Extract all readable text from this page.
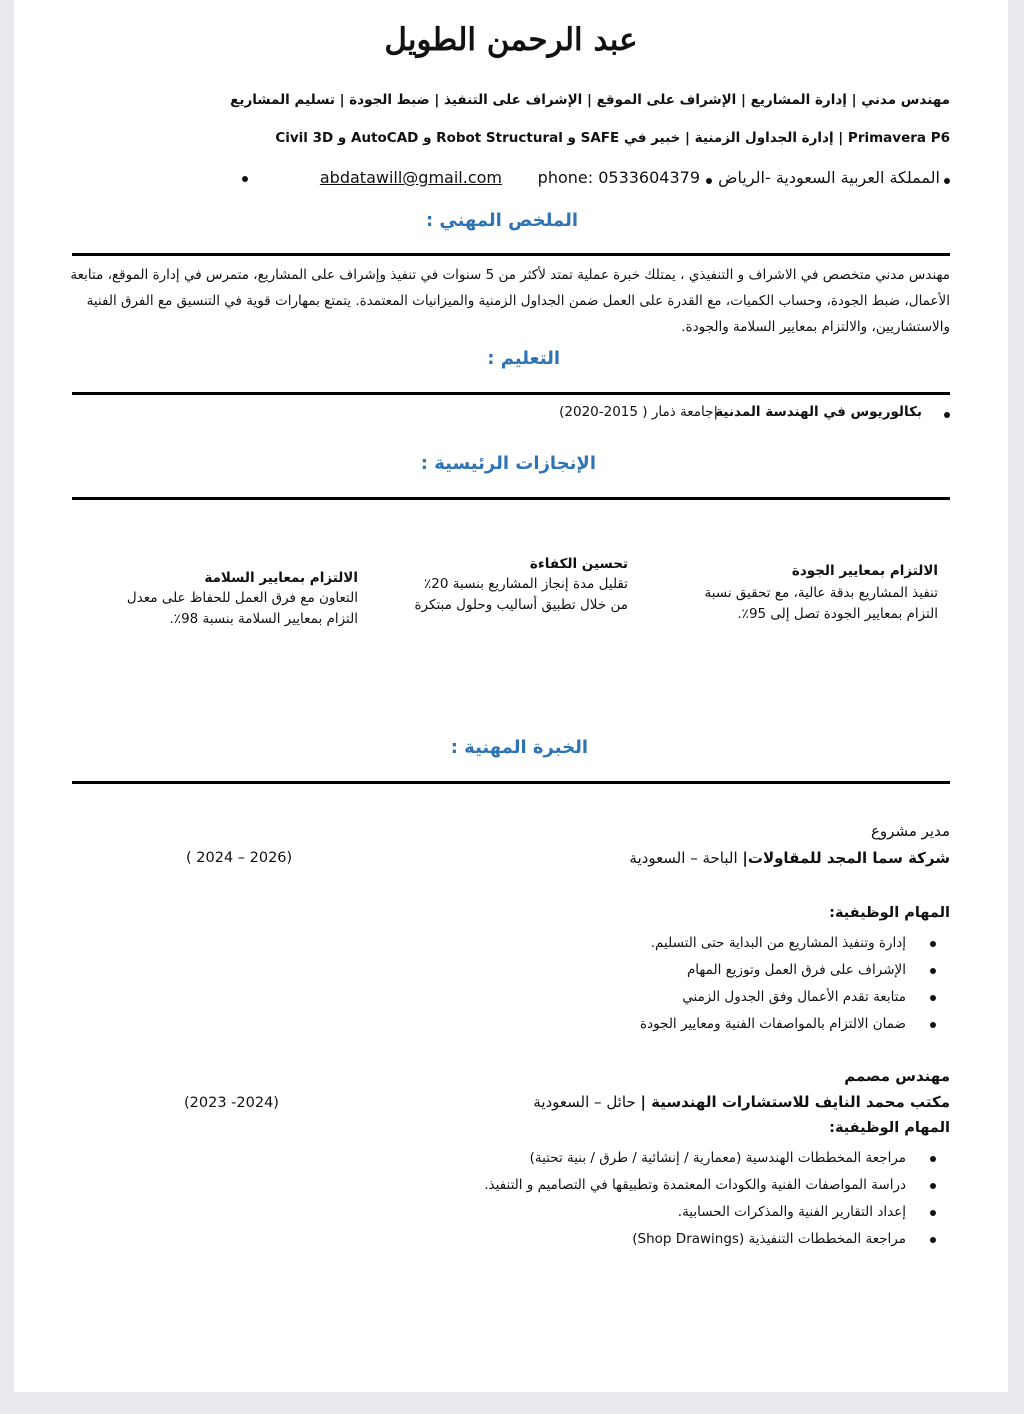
عبد الرحمن الطويل
مهندس مدني | إدارة المشاريع | الإشراف على الموقع | الإشراف على التنفيذ | ضبط الجودة | تسليم المشاريع
Primavera P6 | إدارة الجداول الزمنية | خبير في SAFE و Robot Structural و AutoCAD و Civil 3D
المملكة العربية السعودية -الرياض
phone: 0533604379
abdatawill@gmail.com
الملخص المهني :
مهندس مدني متخصص في الاشراف و التنفيذي ، يمتلك خبرة عملية تمتد لأكثر من 5 سنوات في تنفيذ وإشراف على المشاريع، متمرس في إدارة الموقع، متابعة الأعمال، ضبط الجودة، وحساب الكميات، مع القدرة على العمل ضمن الجداول الزمنية والميزانيات المعتمدة. يتمتع بمهارات قوية في التنسيق مع الفرق الفنية والاستشاريين، والالتزام بمعايير السلامة والجودة.
التعليم :
بكالوريوس في الهندسة المدنية
|جامعة ذمار ( 2015-2020)
الإنجازات الرئيسية :
الالتزام بمعايير الجودة
تنفيذ المشاريع بدقة عالية، مع تحقيق نسبة التزام بمعايير الجودة تصل إلى 95٪.
تحسين الكفاءة
تقليل مدة إنجاز المشاريع بنسبة 20٪ من خلال تطبيق أساليب وحلول مبتكرة
الالتزام بمعايير السلامة
التعاون مع فرق العمل للحفاظ على معدل التزام بمعايير السلامة بنسبة 98٪.
الخبرة المهنية :
مدير مشروع
شركة سما المجد للمقاولات| الباحة – السعودية
( 2024 – 2026)
المهام الوظيفية:
إدارة وتنفيذ المشاريع من البداية حتى التسليم.
الإشراف على فرق العمل وتوزيع المهام
متابعة تقدم الأعمال وفق الجدول الزمني
ضمان الالتزام بالمواصفات الفنية ومعايير الجودة
مهندس مصمم
مكتب محمد النايف للاستشارات الهندسية | حائل – السعودية
(2023 -2024)
المهام الوظيفية:
مراجعة المخططات الهندسية (معمارية / إنشائية / طرق / بنية تحتية)
دراسة المواصفات الفنية والكودات المعتمدة وتطبيقها في التصاميم و التنفيذ.
إعداد التقارير الفنية والمذكرات الحسابية.
مراجعة المخططات التنفيذية (Shop Drawings)
